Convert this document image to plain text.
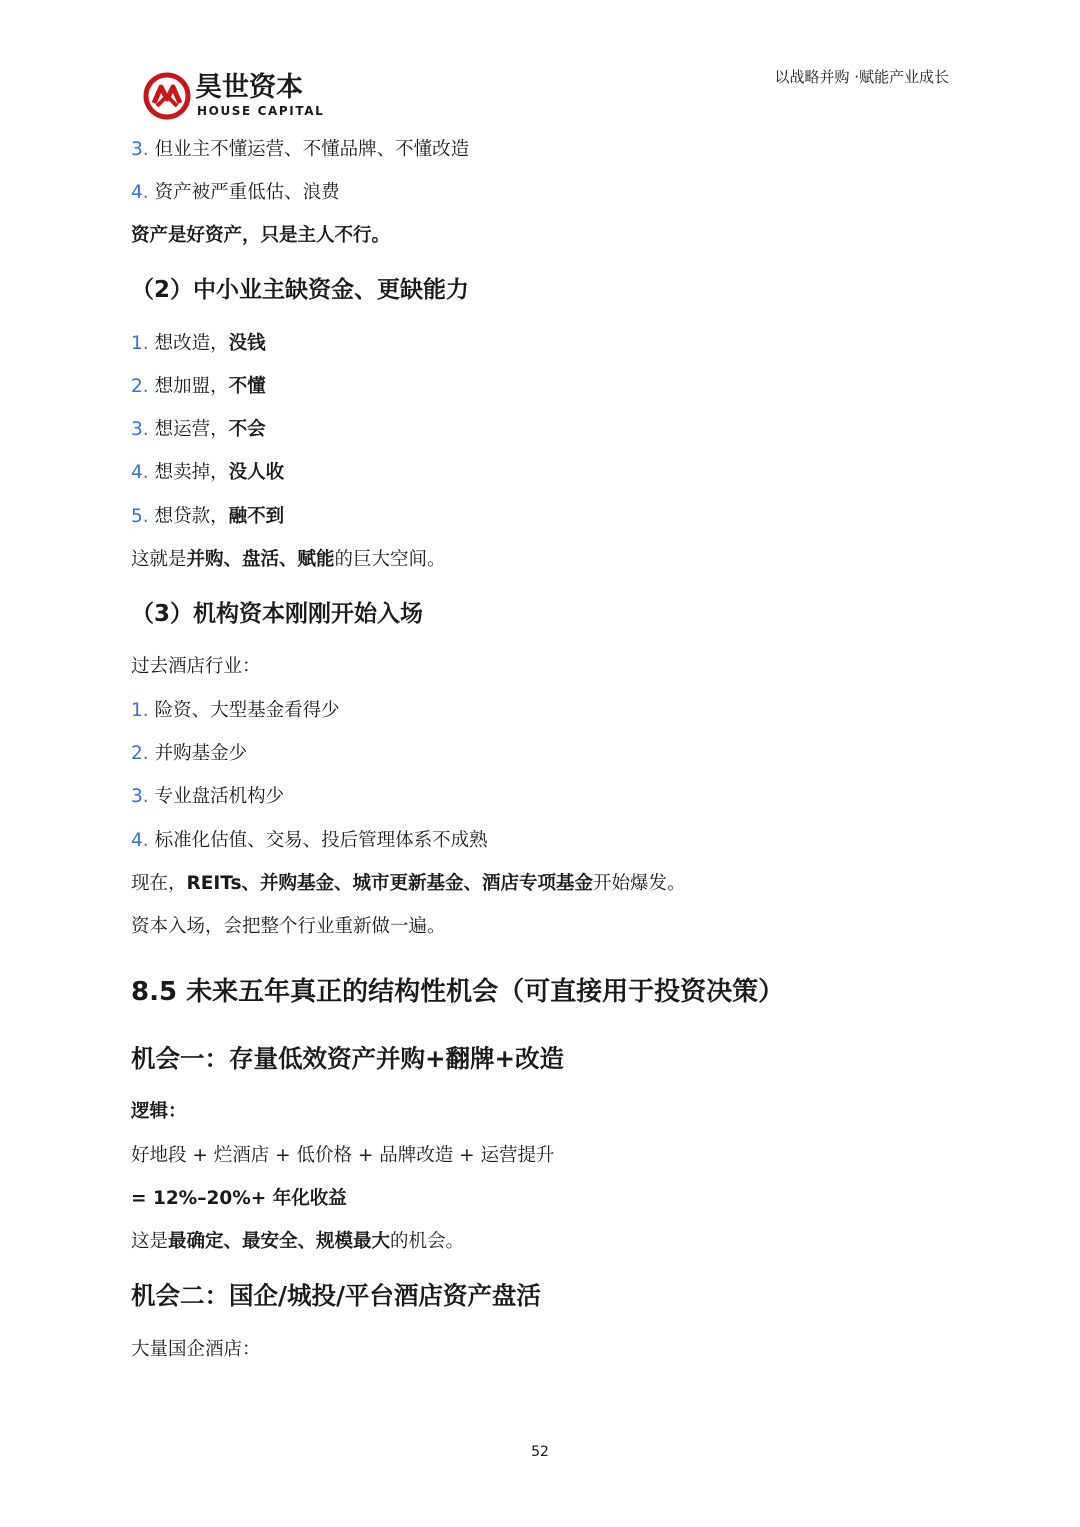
昊世资本
HOUSE CAPITAL
以战略并购 ·赋能产业成长
3. 但业主不懂运营、不懂品牌、不懂改造
4. 资产被严重低估、浪费
资产是好资产，只是主人不行。
（2）中小业主缺资金、更缺能力
1. 想改造， 没钱
2. 想加盟， 不懂
3. 想运营， 不会
4. 想卖掉， 没人收
5. 想贷款， 融不到
这就是 并购、盘活、赋能 的巨大空间。
（3）机构资本刚刚开始入场
过去酒店行业：
1. 险资、大型基金看得少
2. 并购基金少
3. 专业盘活机构少
4. 标准化估值、交易、投后管理体系不成熟
现在， REITs、并购基金、城市更新基金、酒店专项基金 开始爆发。
资本入场，会把整个行业重新做一遍。
8.5 未来五年真正的结构性机会（可直接用于投资决策）
机会一：存量低效资产并购+翻牌+改造
逻辑：
好地段 + 烂酒店 + 低价格 + 品牌改造 + 运营提升
= 12%–20%+ 年化收益
这是 最确定、最安全、规模最大 的机会。
机会二：国企/城投/平台酒店资产盘活
大量国企酒店：
52
